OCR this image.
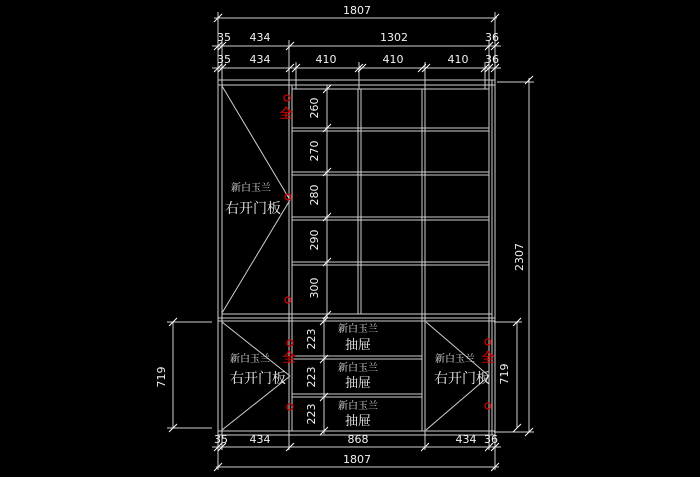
1807
35 434	1302	36
35 434	410	410	410 36
35 434	868	434 36
1807
719	719
2307
260
270
280
290
300
223
223
223
新白玉兰
右开门板
全
新白玉兰
右开门板
全	新白玉兰
右开门板
全
新白玉兰
抽屉
新白玉兰
抽屉
新白玉兰
抽屉
